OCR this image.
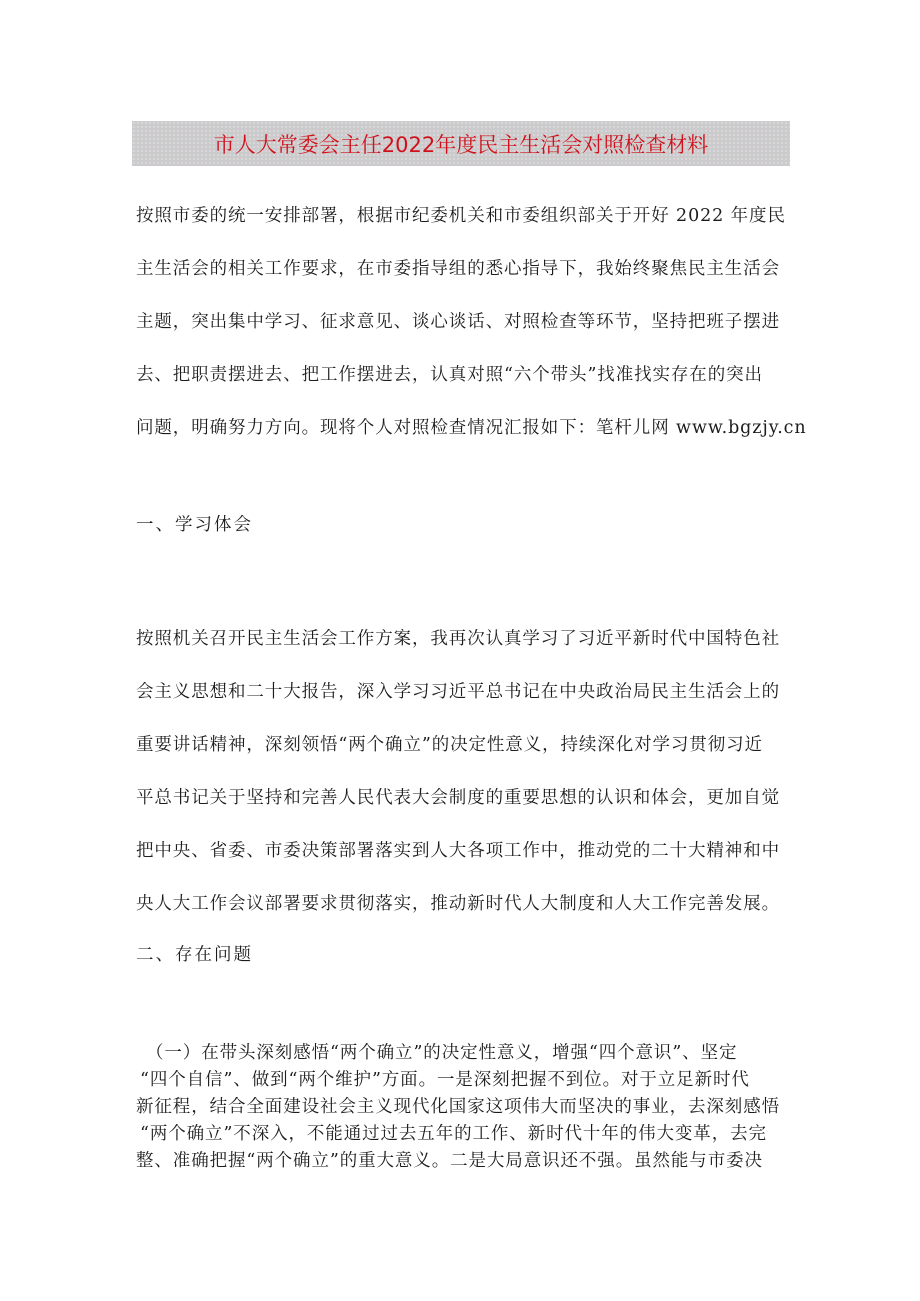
市人大常委会主任2022年度民主生活会对照检查材料
按照市委的统一安排部署，根据市纪委机关和市委组织部关于开好 2022 年度民
主生活会的相关工作要求，在市委指导组的悉心指导下，我始终聚焦民主生活会
主题，突出集中学习、征求意见、谈心谈话、对照检查等环节，坚持把班子摆进
去、把职责摆进去、把工作摆进去，认真对照“六个带头”找准找实存在的突出
问题，明确努力方向。现将个人对照检查情况汇报如下：笔杆儿网 www.bgzjy.cn
一、学习体会
按照机关召开民主生活会工作方案，我再次认真学习了习近平新时代中国特色社
会主义思想和二十大报告，深入学习习近平总书记在中央政治局民主生活会上的
重要讲话精神，深刻领悟“两个确立”的决定性意义，持续深化对学习贯彻习近
平总书记关于坚持和完善人民代表大会制度的重要思想的认识和体会，更加自觉
把中央、省委、市委决策部署落实到人大各项工作中，推动党的二十大精神和中
央人大工作会议部署要求贯彻落实，推动新时代人大制度和人大工作完善发展。
二、存在问题
（一）在带头深刻感悟“两个确立”的决定性意义，增强“四个意识”、坚定
“四个自信”、做到“两个维护”方面。一是深刻把握不到位。对于立足新时代
新征程，结合全面建设社会主义现代化国家这项伟大而坚决的事业，去深刻感悟
“两个确立”不深入，不能通过过去五年的工作、新时代十年的伟大变革，去完
整、准确把握“两个确立”的重大意义。二是大局意识还不强。虽然能与市委决
